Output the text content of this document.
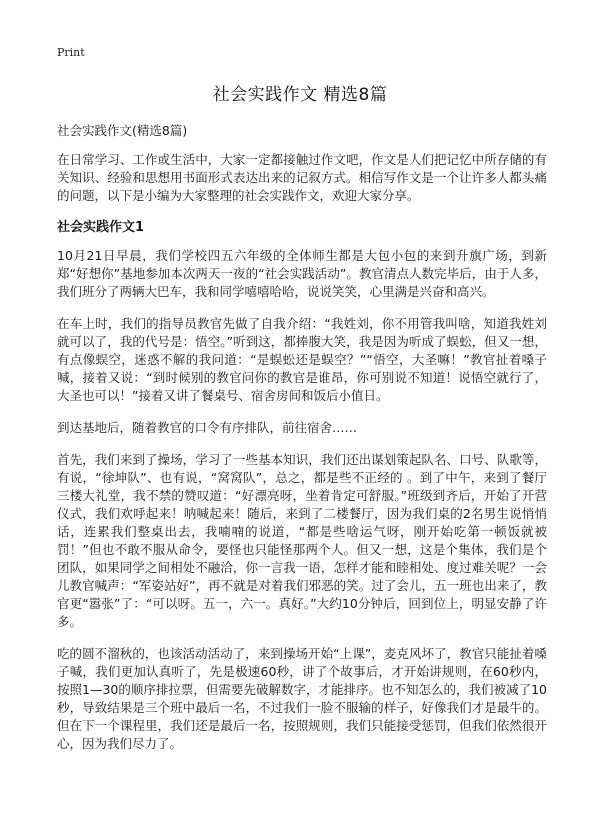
Print
社会实践作文 精选8篇

社会实践作文(精选8篇)

在日常学习、工作或生活中，大家一定都接触过作文吧，作文是人们把记忆中所存储的有关知识、经验和思想用书面形式表达出来的记叙方式。相信写作文是一个让许多人都头痛的问题，以下是小编为大家整理的社会实践作文，欢迎大家分享。

社会实践作文1

10月21日早晨，我们学校四五六年级的全体师生都是大包小包的来到升旗广场，到新郑“好想你”基地参加本次两天一夜的“社会实践活动”。教官清点人数完毕后，由于人多，我们班分了两辆大巴车，我和同学嘻嘻哈哈，说说笑笑，心里满是兴奋和高兴。

在车上时，我们的指导员教官先做了自我介绍：“我姓刘，你不用管我叫啥，知道我姓刘就可以了，我的代号是：悟空。”听到这，都捧腹大笑，我是因为听成了蜈蚣，但又一想，有点像蜈空，迷惑不解的我问道：“是蜈蚣还是蜈空？”“悟空，大圣嘛！”教官扯着嗓子喊，接着又说：“到时候别的教官问你的教官是谁昂，你可别说不知道！说悟空就行了，大圣也可以！”接着又讲了餐桌号、宿舍房间和饭后小值日。

到达基地后，随着教官的口令有序排队，前往宿舍……

首先，我们来到了操场，学习了一些基本知识，我们还出谋划策起队名、口号、队歌等，有说，“徐坤队”、也有说，“窝窝队”，总之，都是些不正经的 。到了中午，来到了餐厅三楼大礼堂，我不禁的赞叹道：“好漂亮呀，坐着肯定可舒服。”班级到齐后，开始了开营仪式，我们欢呼起来！呐喊起来！随后，来到了二楼餐厅，因为我们桌的2名男生说悄悄话，连累我们整桌出去，我喃喃的说道，“都是些啥运气呀，刚开始吃第一顿饭就被罚！”但也不敢不服从命令，要怪也只能怪那两个人。但又一想，这是个集体，我们是个团队，如果同学之间相处不融洽，你一言我一语，怎样才能和睦相处、度过难关呢？一会儿教官喊声：“军姿站好”，再不就是对着我们邪恶的笑。过了会儿，五一班也出来了，教官更“嚣张”了：“可以呀。五一，六一。真好。”大约10分钟后，回到位上，明显安静了许多。

吃的圆不溜秋的，也该活动活动了，来到操场开始“上课”，麦克风坏了，教官只能扯着嗓子喊，我们更加认真听了，先是极速60秒，讲了个故事后，才开始讲规则，在60秒内，按照1—30的顺序排拉票，但需要先破解数字，才能排序。也不知怎么的，我们被减了10秒，导致结果是三个班中最后一名，不过我们一脸不服输的样子，好像我们才是最牛的。但在下一个课程里，我们还是最后一名，按照规则，我们只能接受惩罚，但我们依然很开心，因为我们尽力了。
